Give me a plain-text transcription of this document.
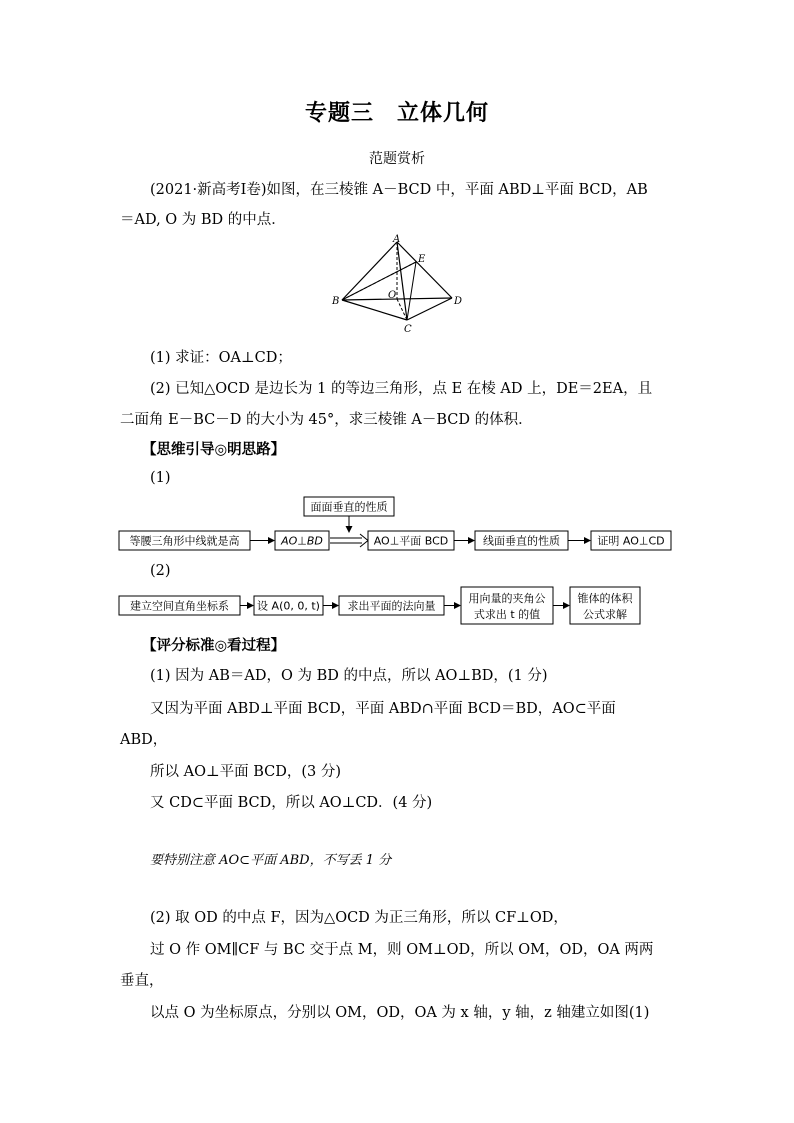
专题三　立体几何
范题赏析
(2021·新高考Ⅰ卷)如图，在三棱锥 A－BCD 中，平面 ABD⊥平面 BCD，AB
＝AD, O 为 BD 的中点．
A
B
C
D
E
O
(1) 求证：OA⊥CD；
(2) 已知△OCD 是边长为 1 的等边三角形，点 E 在棱 AD 上，DE＝2EA，且
二面角 E－BC－D 的大小为 45°，求三棱锥 A－BCD 的体积．
【思维引导◎明思路】
(1)
面面垂直的性质
等腰三角形中线就是高	AO⊥BD	AO⊥平面 BCD	线面垂直的性质	证明 AO⊥CD
(2)
建立空间直角坐标系	设 A(0, 0, t)	求出平面的法向量
用向量的夹角公
式求出 t 的值
锥体的体积
公式求解
【评分标准◎看过程】
(1) 因为 AB＝AD，O 为 BD 的中点，所以 AO⊥BD，(1 分)
又因为平面 ABD⊥平面 BCD，平面 ABD∩平面 BCD＝BD，AO⊂平面
ABD，
所以 AO⊥平面 BCD，(3 分)
又 CD⊂平面 BCD，所以 AO⊥CD．(4 分)
要特别注意 AO⊂平面 ABD，不写丢 1 分
(2) 取 OD 的中点 F，因为△OCD 为正三角形，所以 CF⊥OD，
过 O 作 OM∥CF 与 BC 交于点 M，则 OM⊥OD，所以 OM，OD，OA 两两
垂直，
以点 O 为坐标原点，分别以 OM，OD，OA 为 x 轴，y 轴，z 轴建立如图(1)
